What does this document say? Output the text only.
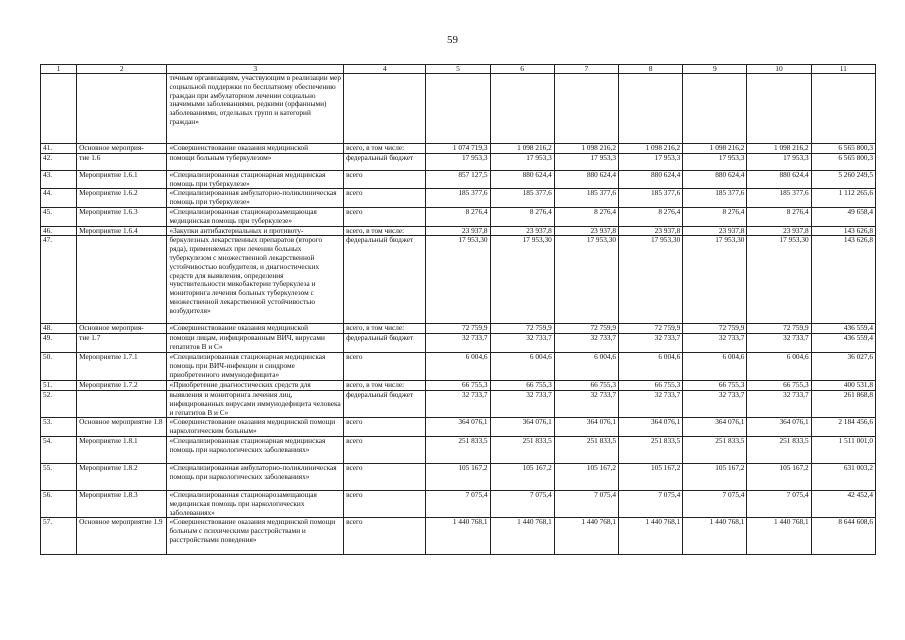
59
1	2	3	4	5	6	7	8	9	10	11
		течным организациям, участвующим в реализации мер социальной поддержки по бесплатному обеспечению граждан при амбулаторном лечении социально значимыми заболеваниями, редкими (орфанными) заболеваниями, отдельных групп и категорий граждан»								
41.	Основное мероприя-	«Совершенствование оказания медицинской	всего, в том числе:	1 074 719,3	1 098 216,2	1 098 216,2	1 098 216,2	1 098 216,2	1 098 216,2	6 565 800,3
42.	тие 1.6	помощи больным туберкулезом»	федеральный бюджет	17 953,3	17 953,3	17 953,3	17 953,3	17 953,3	17 953,3	6 565 800,3
43.	Мероприятие 1.6.1	«Специализированная стационарная медицинская помощь при туберкулезе»	всего	857 127,5	880 624,4	880 624,4	880 624,4	880 624,4	880 624,4	5 260 249,5
44.	Мероприятие 1.6.2	«Специализированная амбулаторно-поликлиническая помощь при туберкулезе»	всего	185 377,6	185 377,6	185 377,6	185 377,6	185 377,6	185 377,6	1 112 265,6
45.	Мероприятие 1.6.3	«Специализированная стационарозамещающая медицинская помощь при туберкулезе»	всего	8 276,4	8 276,4	8 276,4	8 276,4	8 276,4	8 276,4	49 658,4
46.	Мероприятие 1.6.4	«Закупки антибактериальных и противоту-	всего, в том числе:	23 937,8	23 937,8	23 937,8	23 937,8	23 937,8	23 937,8	143 626,8
47.		беркулезных лекарственных препаратов (второго ряда), применяемых при лечении больных туберкулезом с множественной лекарственной устойчивостью возбудителя, и диагностических средств для выявления, определения чувствительности микобактерии туберкулеза и мониторинга лечения больных туберкулезом с множественной лекарственной устойчивостью возбудителя»	федеральный бюджет	17 953,30	17 953,30	17 953,30	17 953,30	17 953,30	17 953,30	143 626,8
48.	Основное мероприя-	«Совершенствование оказания медицинской	всего, в том числе:	72 759,9	72 759,9	72 759,9	72 759,9	72 759,9	72 759,9	436 559,4
49.	тие 1.7	помощи лицам, инфицированным ВИЧ, вирусами гепатитов В и С»	федеральный бюджет	32 733,7	32 733,7	32 733,7	32 733,7	32 733,7	32 733,7	436 559,4
50.	Мероприятие 1.7.1	«Специализированная стационарная медицинская помощь при ВИЧ-инфекции и синдроме приобретенного иммунодефицита»	всего	6 004,6	6 004,6	6 004,6	6 004,6	6 004,6	6 004,6	36 027,6
51.	Мероприятие 1.7.2	«Приобретение диагностических средств для	всего, в том числе:	66 755,3	66 755,3	66 755,3	66 755,3	66 755,3	66 755,3	400 531,8
52.		выявления и мониторинга лечения лиц, инфицированных вирусами иммунодефицита человека и гепатитов В и С»	федеральный бюджет	32 733,7	32 733,7	32 733,7	32 733,7	32 733,7	32 733,7	261 868,8
53.	Основное мероприятие 1.8	«Совершенствование оказания медицинской помощи наркологическим больным»	всего	364 076,1	364 076,1	364 076,1	364 076,1	364 076,1	364 076,1	2 184 456,6
54.	Мероприятие 1.8.1	«Специализированная стационарная медицинская помощь при наркологических заболеваниях»	всего	251 833,5	251 833,5	251 833,5	251 833,5	251 833,5	251 833,5	1 511 001,0
55.	Мероприятие 1.8.2	«Специализированная амбулаторно-поликлиническая помощь при наркологических заболеваниях»	всего	105 167,2	105 167,2	105 167,2	105 167,2	105 167,2	105 167,2	631 003,2
56.	Мероприятие 1.8.3	«Специализированная стационарозамещающая медицинская помощь при наркологических заболеваниях»	всего	7 075,4	7 075,4	7 075,4	7 075,4	7 075,4	7 075,4	42 452,4
57.	Основное мероприятие 1.9	«Совершенствование оказания медицинской помощи больным с психическими расстройствами и расстройствами поведения»	всего	1 440 768,1	1 440 768,1	1 440 768,1	1 440 768,1	1 440 768,1	1 440 768,1	8 644 608,6
